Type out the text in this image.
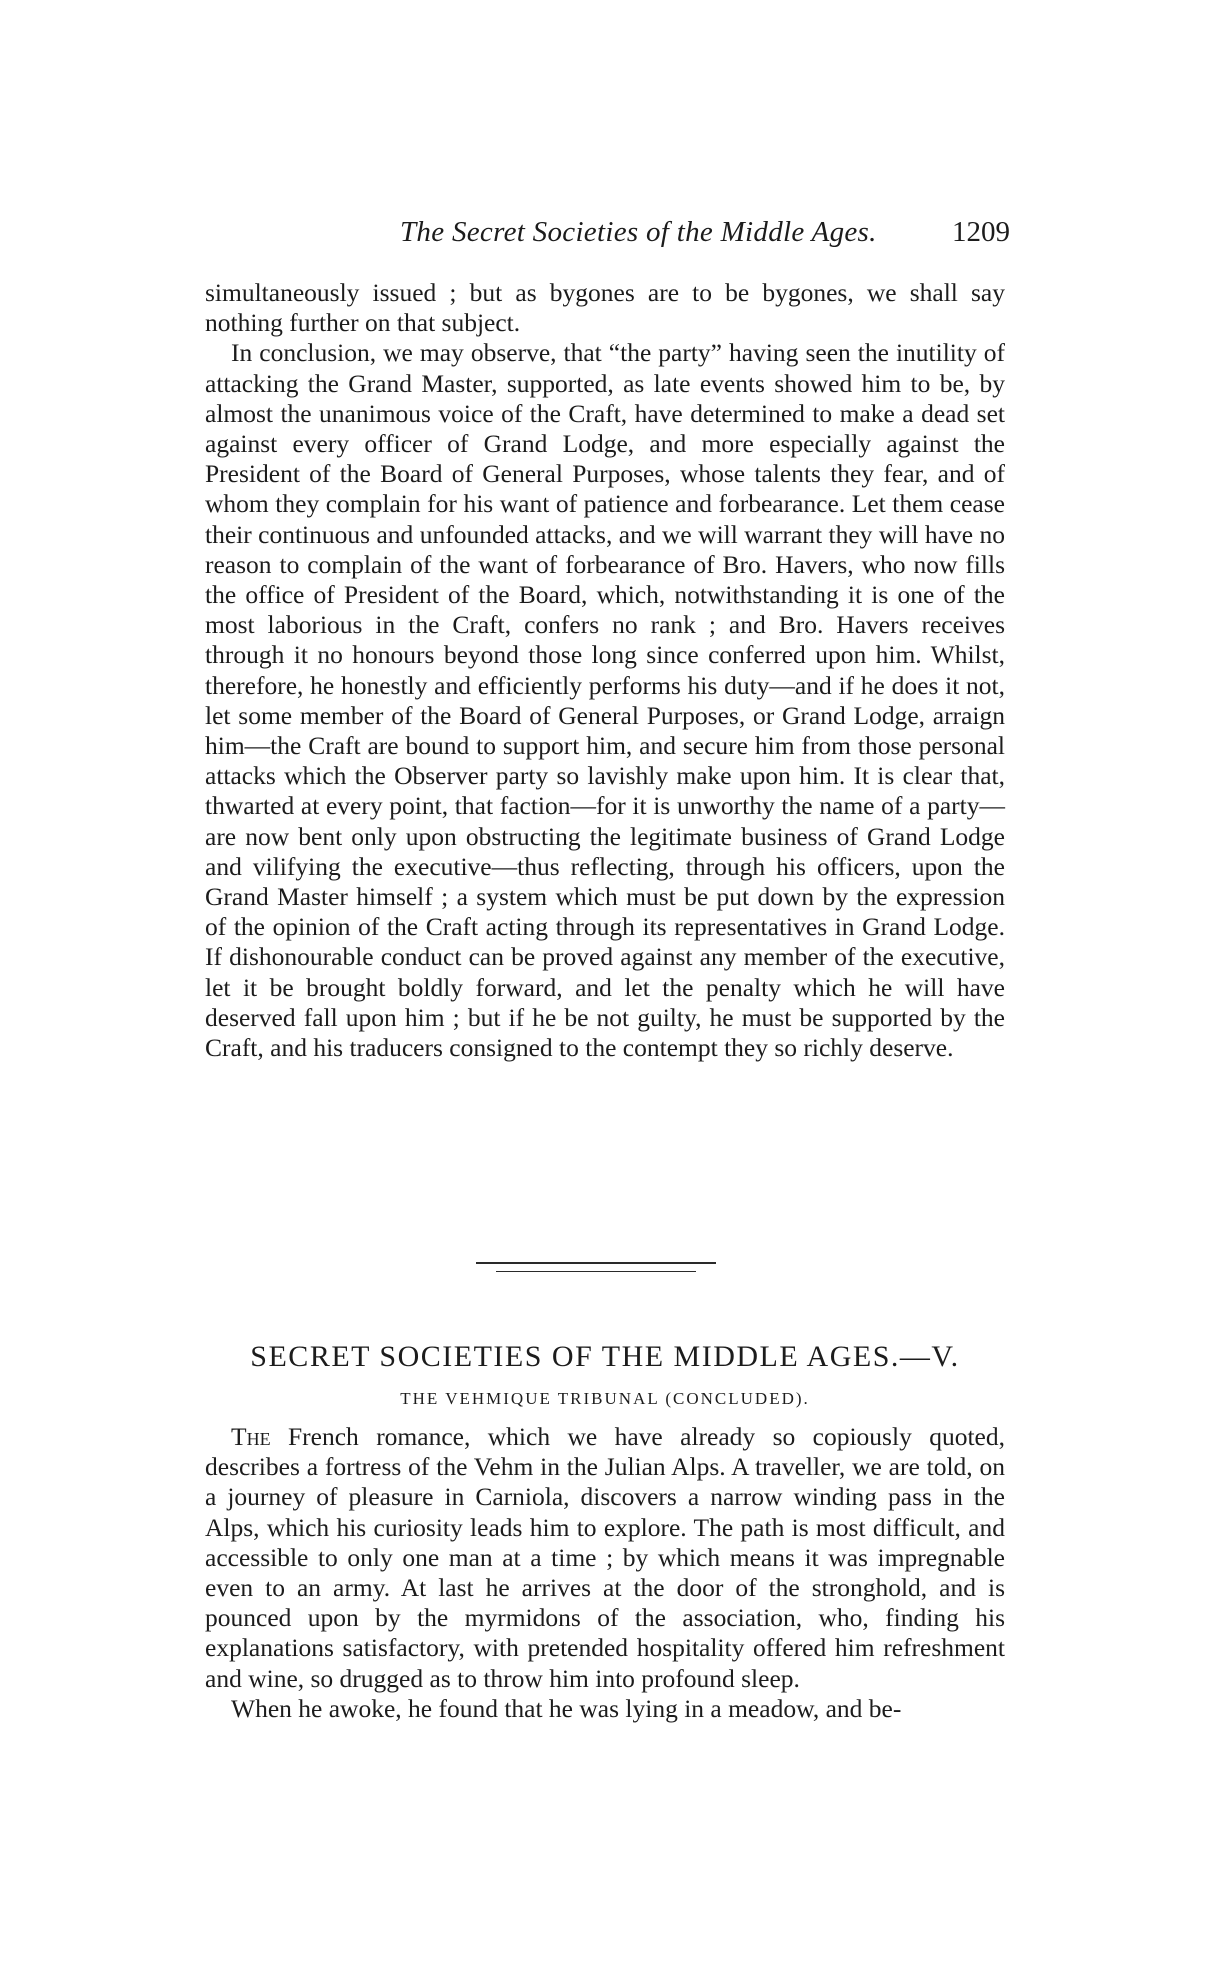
The Secret Societies of the Middle Ages.	1209

simultaneously issued ; but as bygones are to be bygones, we shall say nothing further on that subject.

In conclusion, we may observe, that “the party” having seen the inutility of attacking the Grand Master, supported, as late events showed him to be, by almost the unanimous voice of the Craft, have determined to make a dead set against every officer of Grand Lodge, and more especially against the President of the Board of General Purposes, whose talents they fear, and of whom they complain for his want of patience and forbearance. Let them cease their continuous and unfounded attacks, and we will warrant they will have no reason to complain of the want of forbearance of Bro. Havers, who now fills the office of President of the Board, which, notwithstanding it is one of the most laborious in the Craft, confers no rank ; and Bro. Havers receives through it no honours beyond those long since conferred upon him. Whilst, therefore, he honestly and efficiently performs his duty—and if he does it not, let some member of the Board of General Purposes, or Grand Lodge, arraign him—the Craft are bound to support him, and secure him from those personal attacks which the Observer party so lavishly make upon him. It is clear that, thwarted at every point, that faction—for it is unworthy the name of a party—are now bent only upon obstructing the legitimate business of Grand Lodge and vilifying the executive—thus reflecting, through his officers, upon the Grand Master himself ; a system which must be put down by the expression of the opinion of the Craft acting through its representatives in Grand Lodge. If dishonourable conduct can be proved against any member of the executive, let it be brought boldly forward, and let the penalty which he will have deserved fall upon him ; but if he be not guilty, he must be supported by the Craft, and his traducers consigned to the contempt they so richly deserve.

SECRET SOCIETIES OF THE MIDDLE AGES.—V.
THE VEHMIQUE TRIBUNAL (CONCLUDED).

The French romance, which we have already so copiously quoted, describes a fortress of the Vehm in the Julian Alps. A traveller, we are told, on a journey of pleasure in Carniola, discovers a narrow winding pass in the Alps, which his curiosity leads him to explore. The path is most difficult, and accessible to only one man at a time ; by which means it was impregnable even to an army. At last he arrives at the door of the stronghold, and is pounced upon by the myrmidons of the association, who, finding his explanations satisfactory, with pretended hospitality offered him refreshment and wine, so drugged as to throw him into profound sleep.

When he awoke, he found that he was lying in a meadow, and be-
